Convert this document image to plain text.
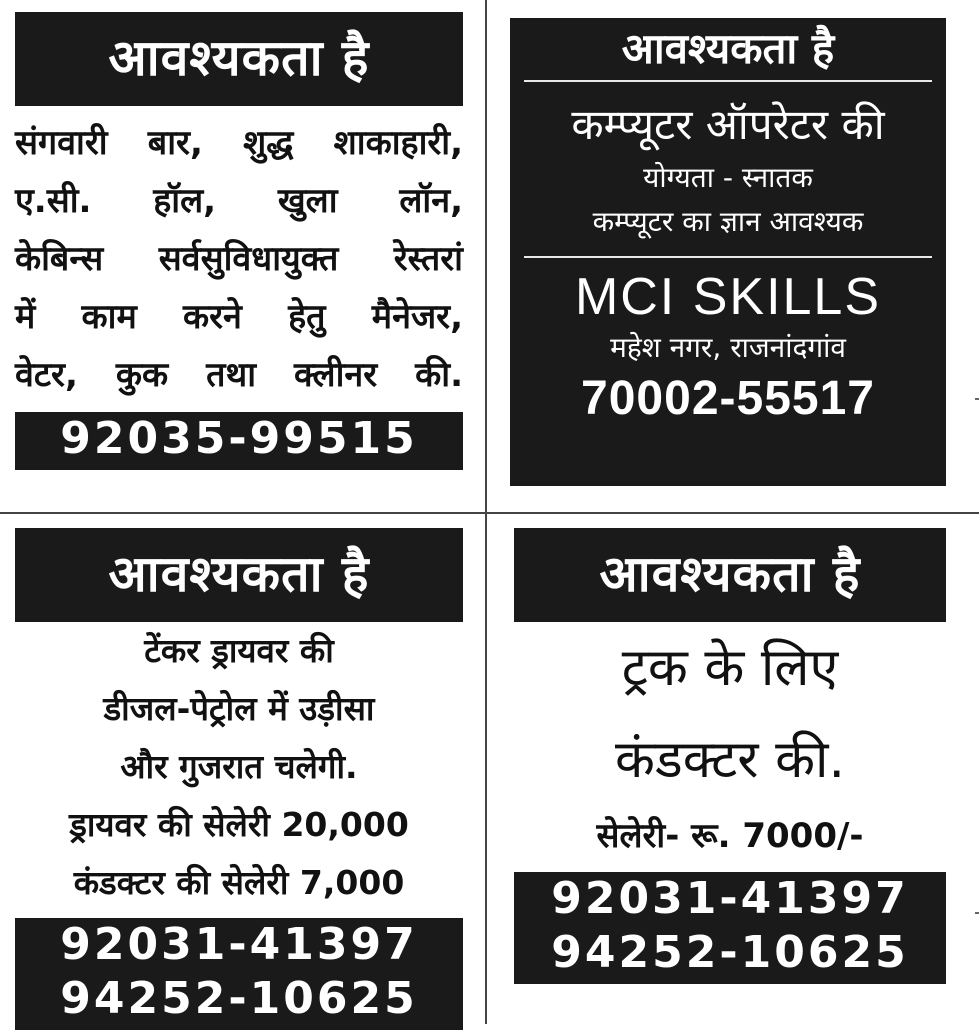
आवश्यकता है
संगवारी बार, शुद्ध शाकाहारी,
ए.सी. हॉल, खुला लॉन,
केबिन्स सर्वसुविधायुक्त रेस्तरां
में काम करने हेतु मैनेजर,
वेटर, कुक तथा क्लीनर की.
92035-99515
आवश्यकता है
कम्प्यूटर ऑपरेटर की
योग्यता - स्नातक
कम्प्यूटर का ज्ञान आवश्यक
MCI SKILLS
महेश नगर, राजनांदगांव
70002-55517
आवश्यकता है
टेंकर ड्रायवर की
डीजल-पेट्रोल में उड़ीसा
और गुजरात चलेगी.
ड्रायवर की सेलेरी 20,000
कंडक्टर की सेलेरी 7,000
92031-41397
94252-10625
आवश्यकता है
ट्रक के लिए
कंडक्टर की.
सेलेरी- रू. 7000/-
92031-41397
94252-10625
